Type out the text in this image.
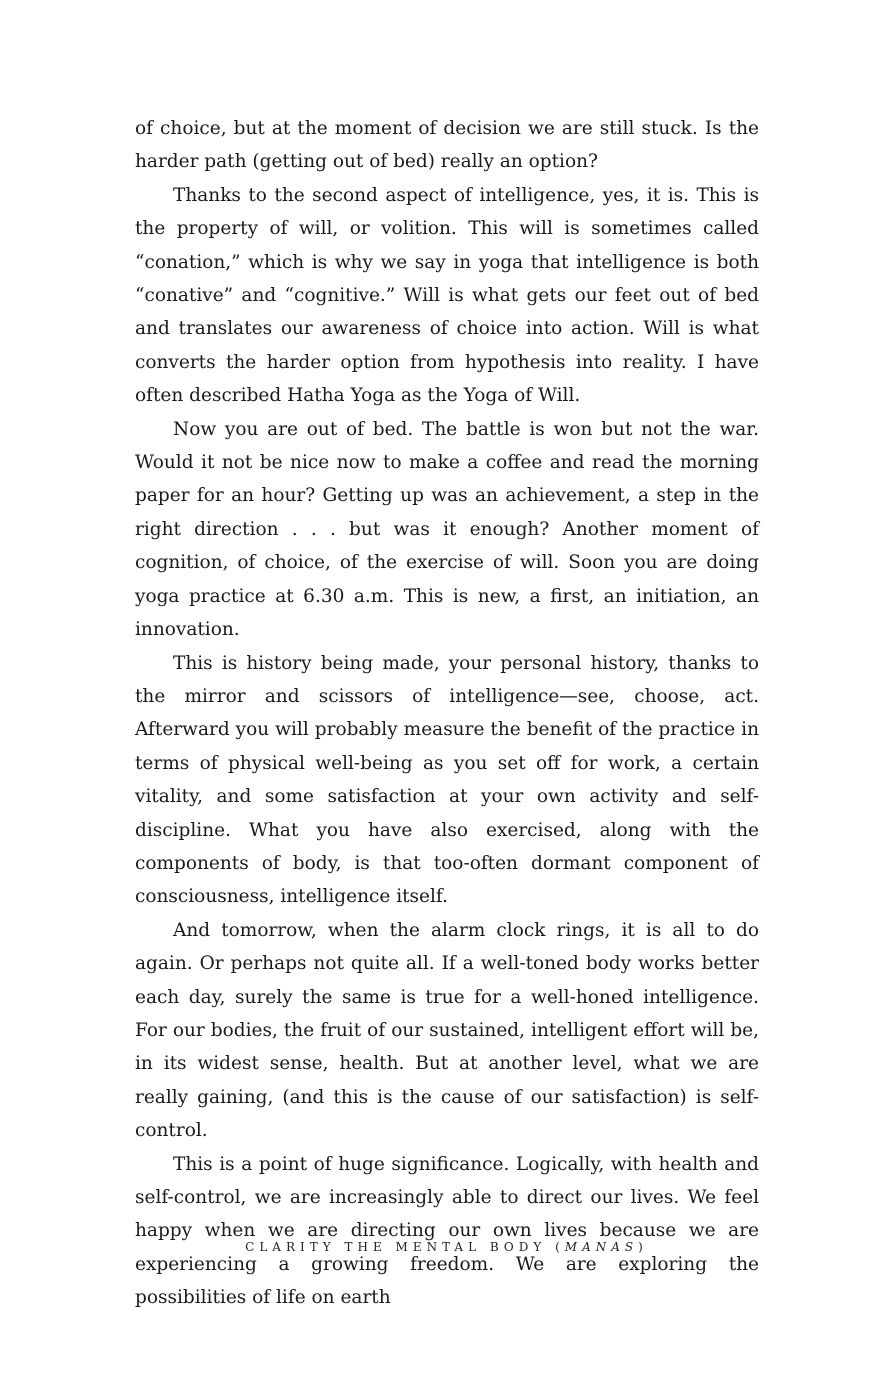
of choice, but at the moment of decision we are still stuck. Is the harder path (getting out of bed) really an option?

Thanks to the second aspect of intelligence, yes, it is. This is the property of will, or volition. This will is sometimes called “conation,” which is why we say in yoga that intelligence is both “conative” and “cognitive.” Will is what gets our feet out of bed and translates our awareness of choice into action. Will is what converts the harder option from hypothesis into reality. I have often described Hatha Yoga as the Yoga of Will.

Now you are out of bed. The battle is won but not the war. Would it not be nice now to make a coffee and read the morning paper for an hour? Getting up was an achievement, a step in the right direction . . . but was it enough? Another moment of cognition, of choice, of the exercise of will. Soon you are doing yoga practice at 6.30 a.m. This is new, a first, an initiation, an innovation.

This is history being made, your personal history, thanks to the mirror and scissors of intelligence—see, choose, act. Afterward you will probably measure the benefit of the practice in terms of physical well-being as you set off for work, a certain vitality, and some satisfaction at your own activity and self-discipline. What you have also exercised, along with the components of body, is that too-often dormant component of consciousness, intelligence itself.

And tomorrow, when the alarm clock rings, it is all to do again. Or perhaps not quite all. If a well-toned body works better each day, surely the same is true for a well-honed intelligence. For our bodies, the fruit of our sustained, intelligent effort will be, in its widest sense, health. But at another level, what we are really gaining, (and this is the cause of our satisfaction) is self-control.

This is a point of huge significance. Logically, with health and self-control, we are increasingly able to direct our lives. We feel happy when we are directing our own lives because we are experiencing a growing freedom. We are exploring the possibilities of life on earth

CLARITY THE MENTAL BODY (MANAS)
